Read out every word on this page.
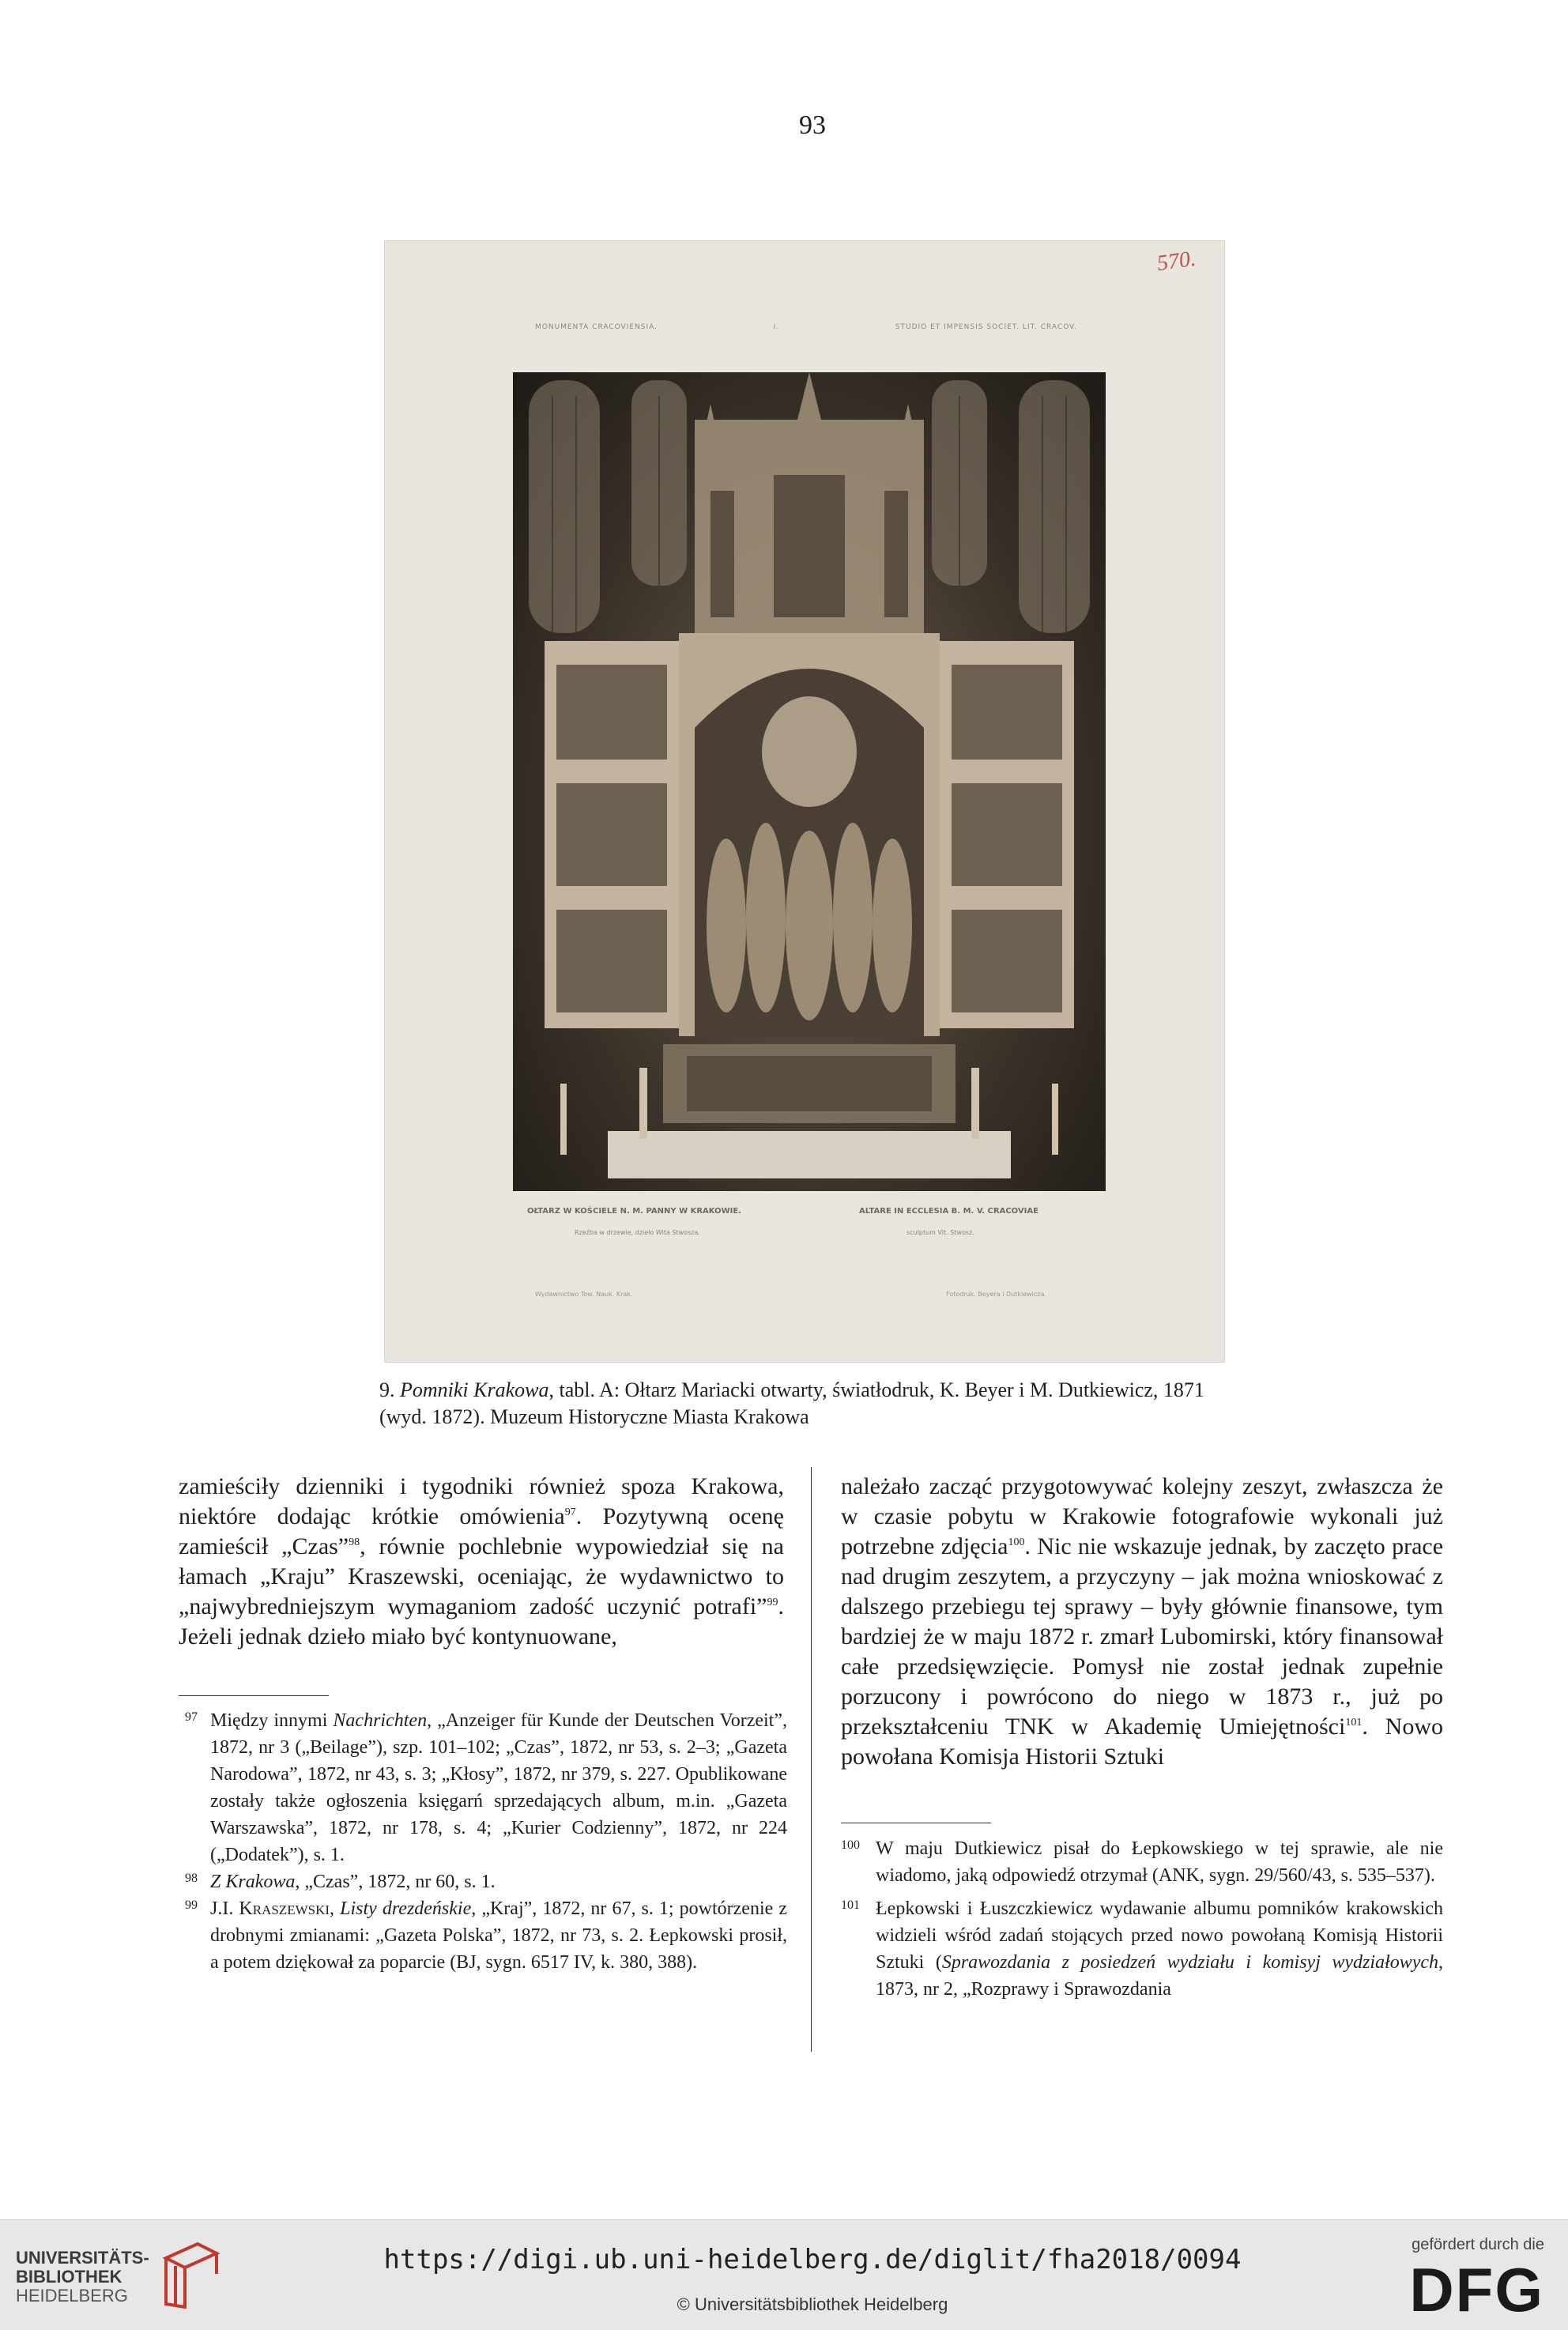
93
570.
MONUMENTA CRACOVIENSIA.	I.	STUDIO ET IMPENSIS SOCIET. LIT. CRACOV.
OŁTARZ W KOŚCIELE N. M. PANNY W KRAKOWIE.	ALTARE IN ECCLESIA B. M. V. CRACOVIAE
Rzeźba w drzewie, dzieło Wita Stwosza.	sculptum Vit. Stwosz.
Wydawnictwo Tow. Nauk. Krak.	Fotodruk. Beyera i Dutkiewicza.
9. Pomniki Krakowa, tabl. A: Ołtarz Mariacki otwarty, światłodruk, K. Beyer i M. Dutkiewicz, 1871 (wyd. 1872). Muzeum Historyczne Miasta Krakowa

zamieściły dzienniki i tygodniki również spoza Krakowa, niektóre dodając krótkie omówienia$^{97}$. Pozytywną ocenę zamieścił „Czas”$^{98}$, równie pochlebnie wypowiedział się na łamach „Kraju” Kraszewski, oceniając, że wydawnictwo to „najwybredniejszym wymaganiom zadość uczynić potrafi”$^{99}$. Jeżeli jednak dzieło miało być kontynuowane,

należało zacząć przygotowywać kolejny zeszyt, zwłaszcza że w czasie pobytu w Krakowie fotografowie wykonali już potrzebne zdjęcia$^{100}$. Nic nie wskazuje jednak, by zaczęto prace nad drugim zeszytem, a przyczyny – jak można wnioskować z dalszego przebiegu tej sprawy – były głównie finansowe, tym bardziej że w maju 1872 r. zmarł Lubomirski, który finansował całe przedsięwzięcie. Pomysł nie został jednak zupełnie porzucony i powrócono do niego w 1873 r., już po przekształceniu TNK w Akademię Umiejętności$^{101}$. Nowo powołana Komisja Historii Sztuki

97 Między innymi Nachrichten, „Anzeiger für Kunde der Deutschen Vorzeit”, 1872, nr 3 („Beilage”), szp. 101–102; „Czas”, 1872, nr 53, s. 2–3; „Gazeta Narodowa”, 1872, nr 43, s. 3; „Kłosy”, 1872, nr 379, s. 227. Opublikowane zostały także ogłoszenia księgarń sprzedających album, m.in. „Gazeta Warszawska”, 1872, nr 178, s. 4; „Kurier Codzienny”, 1872, nr 224 („Dodatek”), s. 1.
98 Z Krakowa, „Czas”, 1872, nr 60, s. 1.
99 J.I. Kraszewski, Listy drezdeńskie, „Kraj”, 1872, nr 67, s. 1; powtórzenie z drobnymi zmianami: „Gazeta Polska”, 1872, nr 73, s. 2. Łepkowski prosił, a potem dziękował za poparcie (BJ, sygn. 6517 IV, k. 380, 388).
100 W maju Dutkiewicz pisał do Łepkowskiego w tej sprawie, ale nie wiadomo, jaką odpowiedź otrzymał (ANK, sygn. 29/560/43, s. 535–537).
101 Łepkowski i Łuszczkiewicz wydawanie albumu pomników krakowskich widzieli wśród zadań stojących przed nowo powołaną Komisją Historii Sztuki (Sprawozdania z posiedzeń wydziału i komisyj wydziałowych, 1873, nr 2, „Rozprawy i Sprawozdania
UNIVERSITÄTS-
BIBLIOTHEK
HEIDELBERG
https://digi.ub.uni-heidelberg.de/diglit/fha2018/0094
© Universitätsbibliothek Heidelberg
gefördert durch die
DFG
